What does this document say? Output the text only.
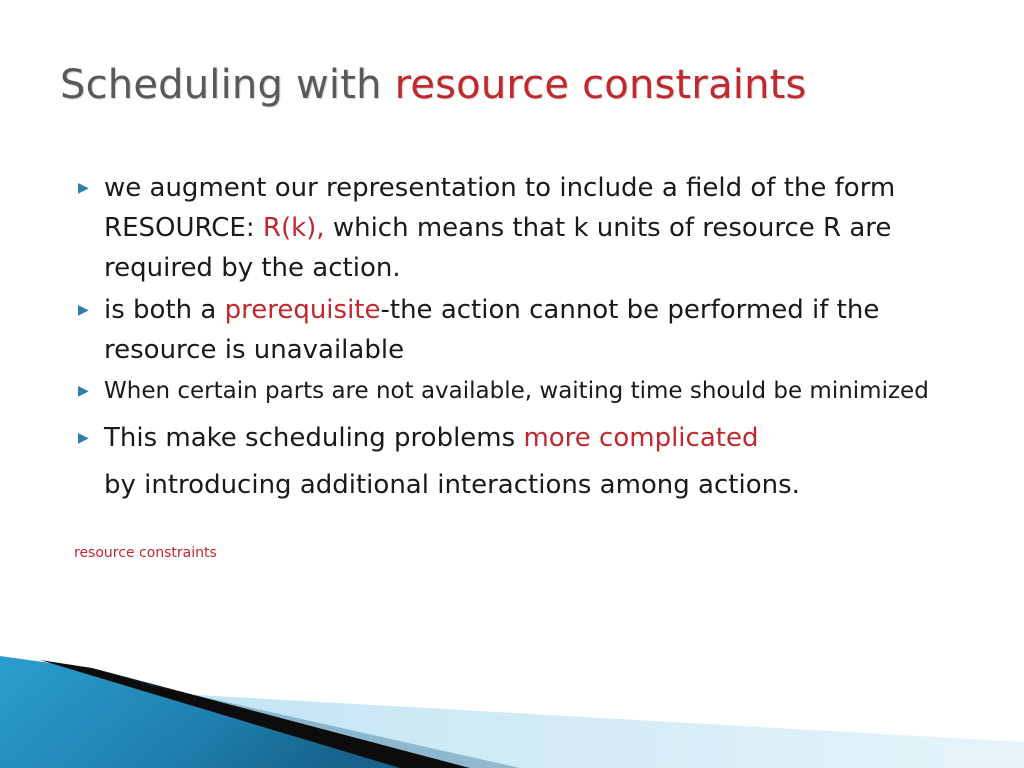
Scheduling with resource constraints
▶ we augment our representation to include a field of the form RESOURCE: R(k), which means that k units of resource R are required by the action.
▶ is both a prerequisite-the action cannot be performed if the resource is unavailable
▶ When certain parts are not available, waiting time should be minimized
▶ This make scheduling problems more complicated
by introducing additional interactions among actions.
resource constraints
